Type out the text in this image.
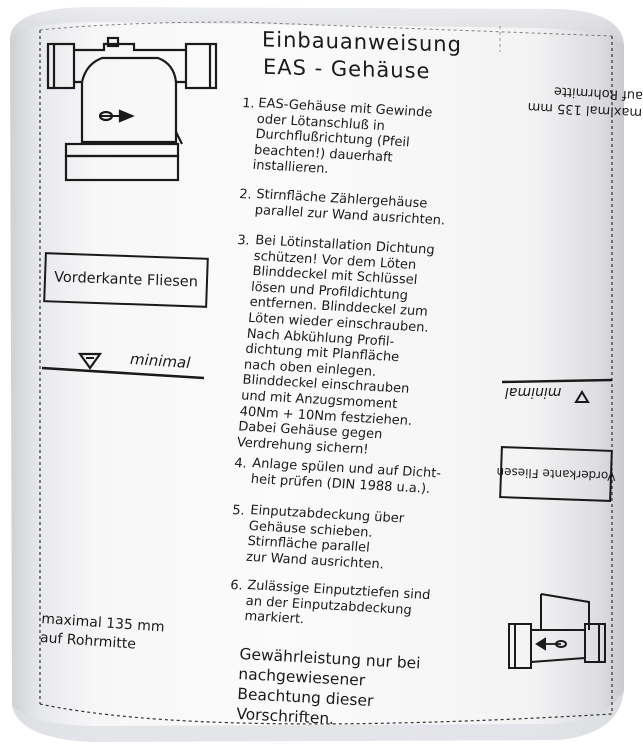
Einbauanweisung
EAS - Gehäuse
1. EAS-Gehäuse mit Gewinde
oder Lötanschluß in
Durchflußrichtung (Pfeil
beachten!) dauerhaft
installieren.
2. Stirnfläche Zählergehäuse
parallel zur Wand ausrichten.
3. Bei Lötinstallation Dichtung
schützen! Vor dem Löten
Blinddeckel mit Schlüssel
lösen und Profildichtung
entfernen. Blinddeckel zum
Löten wieder einschrauben.
Nach Abkühlung Profil-
dichtung mit Planfläche
nach oben einlegen.
Blinddeckel einschrauben
und mit Anzugsmoment
40Nm + 10Nm festziehen.
Dabei Gehäuse gegen
Verdrehung sichern!
4. Anlage spülen und auf Dicht-
heit prüfen (DIN 1988 u.a.).
5. Einputzabdeckung über
Gehäuse schieben.
Stirnfläche parallel
zur Wand ausrichten.
6. Zulässige Einputztiefen sind
an der Einputzabdeckung
markiert.
Gewährleistung nur bei
nachgewiesener
Beachtung dieser
Vorschriften.
Vorderkante Fliesen
minimal
maximal 135 mm
auf Rohrmitte
Vorderkante Fliesen
minimal
maximal 135 mm
auf Rohrmitte
